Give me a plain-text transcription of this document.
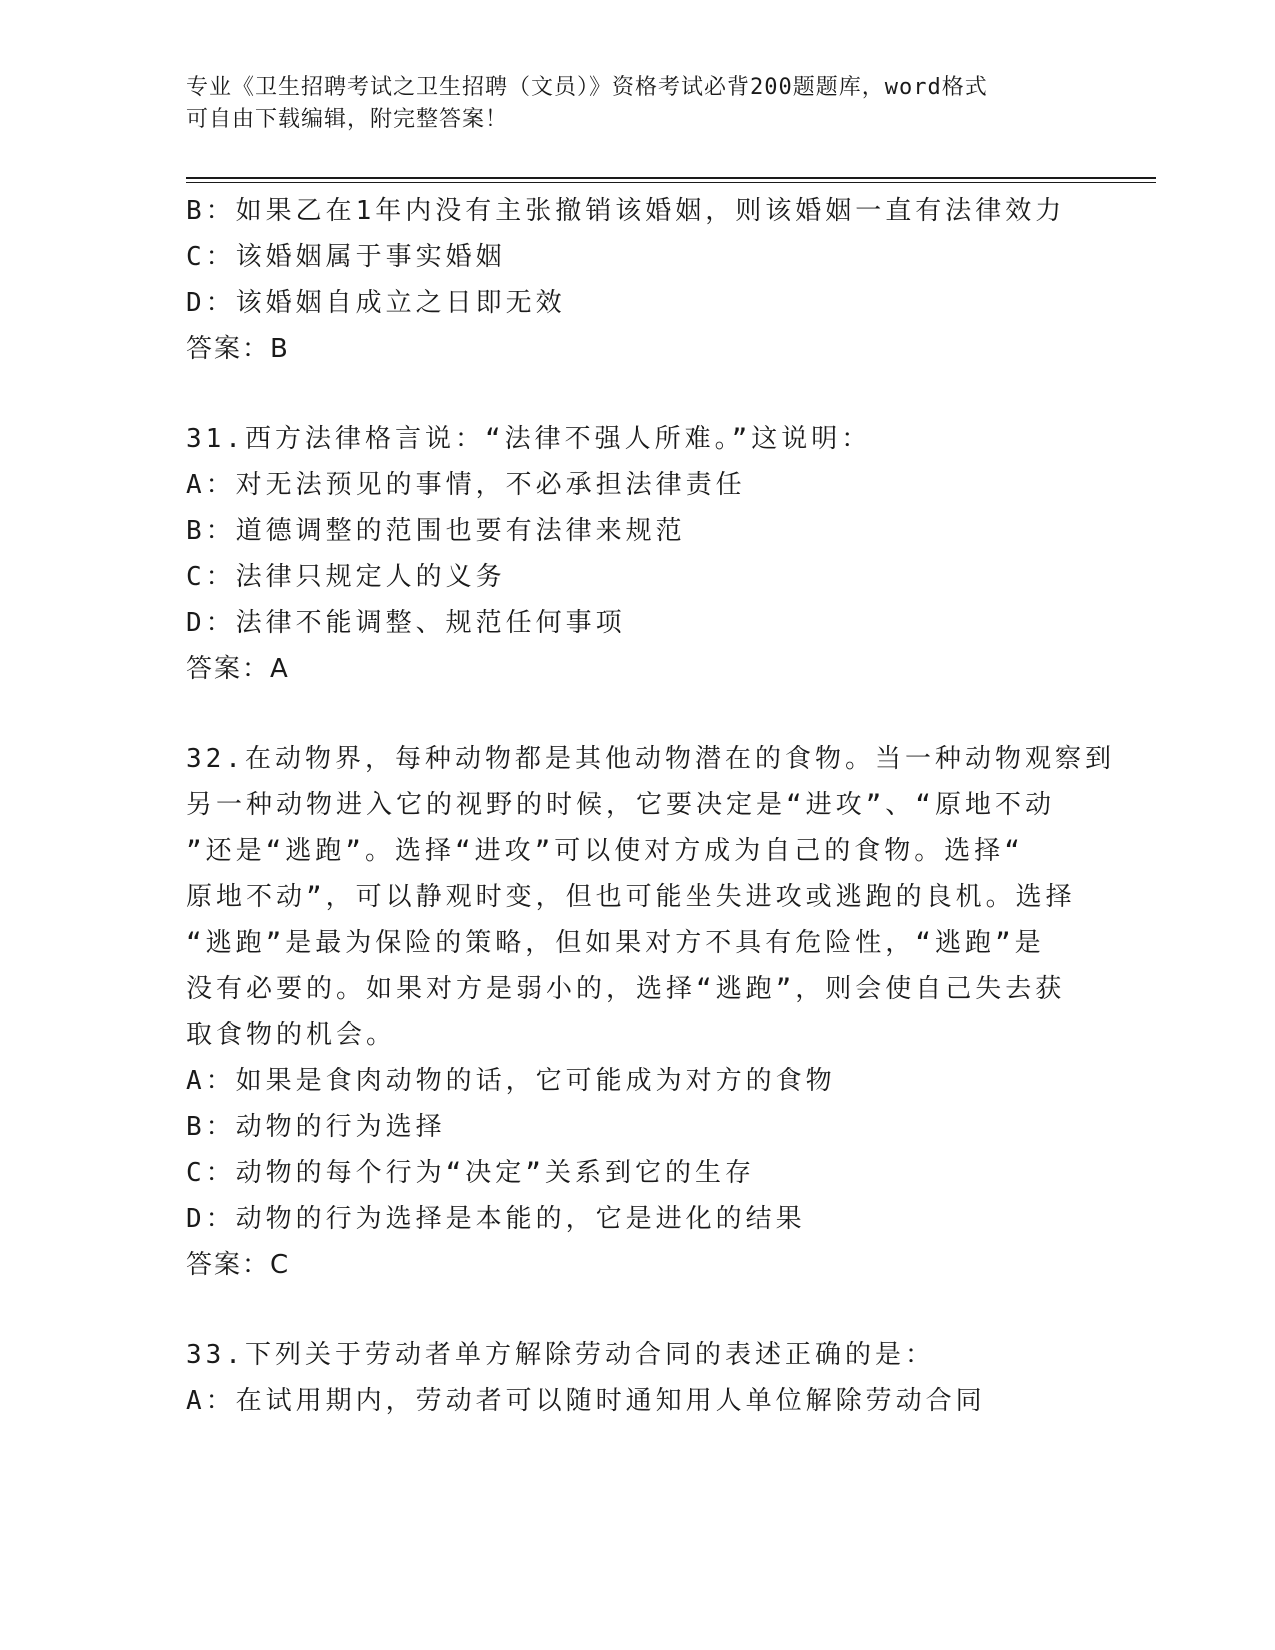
专业《卫生招聘考试之卫生招聘（文员）》资格考试必背200题题库，word格式
可自由下载编辑，附完整答案！
B：如果乙在1年内没有主张撤销该婚姻，则该婚姻一直有法律效力
C：该婚姻属于事实婚姻
D：该婚姻自成立之日即无效
答案：B
31.西方法律格言说：“法律不强人所难。”这说明：
A：对无法预见的事情，不必承担法律责任
B：道德调整的范围也要有法律来规范
C：法律只规定人的义务
D：法律不能调整、规范任何事项
答案：A
32.在动物界，每种动物都是其他动物潜在的食物。当一种动物观察到
另一种动物进入它的视野的时候，它要决定是“进攻”、“原地不动
”还是“逃跑”。选择“进攻”可以使对方成为自己的食物。选择“
原地不动”，可以静观时变，但也可能坐失进攻或逃跑的良机。选择
“逃跑”是最为保险的策略，但如果对方不具有危险性，“逃跑”是
没有必要的。如果对方是弱小的，选择“逃跑”，则会使自己失去获
取食物的机会。
A：如果是食肉动物的话，它可能成为对方的食物
B：动物的行为选择
C：动物的每个行为“决定”关系到它的生存
D：动物的行为选择是本能的，它是进化的结果
答案：C
33.下列关于劳动者单方解除劳动合同的表述正确的是：
A：在试用期内，劳动者可以随时通知用人单位解除劳动合同
